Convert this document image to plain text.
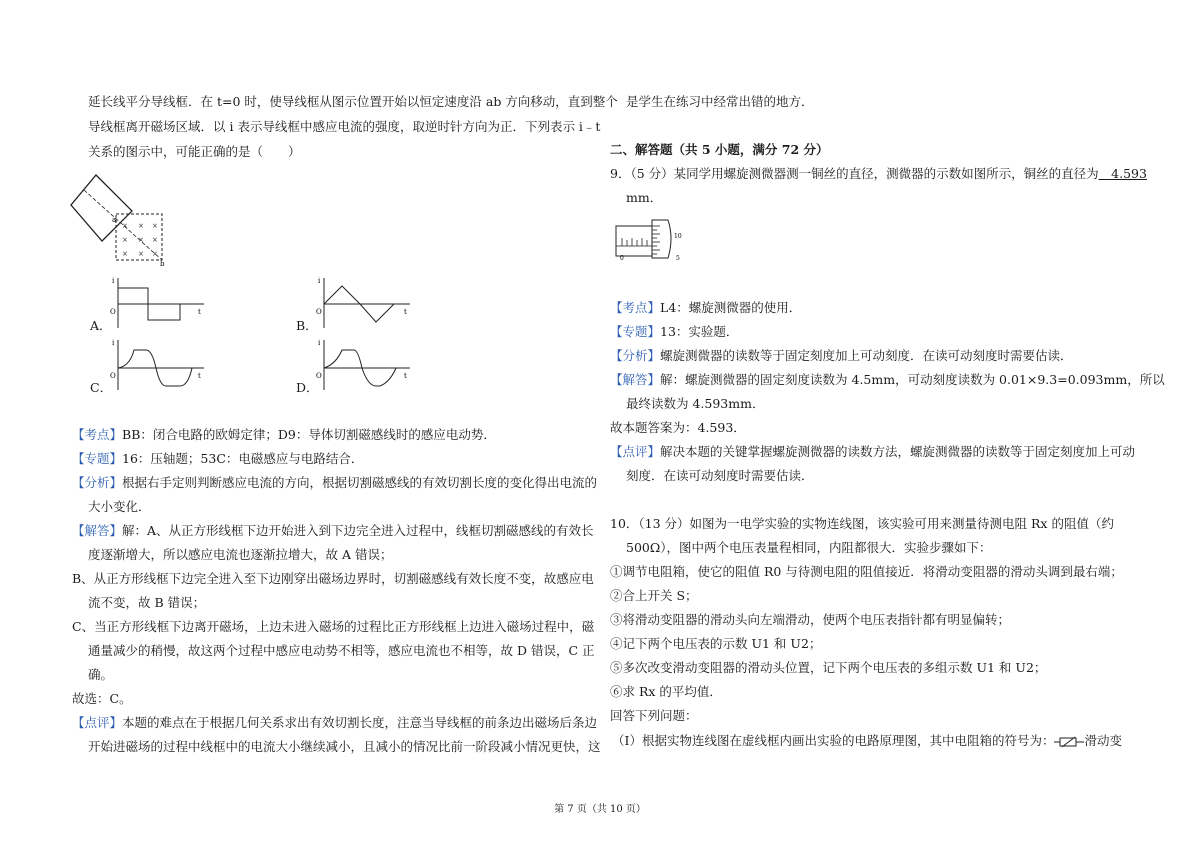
延长线平分导线框．在 t=0 时，使导线框从图示位置开始以恒定速度沿 ab 方向移动，直到整个
导线框离开磁场区域．以 i 表示导线框中感应电流的强度，取逆时针方向为正．下列表示 i﹣t
关系的图示中，可能正确的是（　　）
× × ×
× × ×
× × ×
a
b
A．
i
O	t
B．
i
O	t
C．
i
O	t
D．
i
O	t
【考点】BB：闭合电路的欧姆定律；D9：导体切割磁感线时的感应电动势．
【专题】16：压轴题；53C：电磁感应与电路结合．
【分析】根据右手定则判断感应电流的方向，根据切割磁感线的有效切割长度的变化得出电流的
大小变化．
【解答】解：A、从正方形线框下边开始进入到下边完全进入过程中，线框切割磁感线的有效长
度逐渐增大，所以感应电流也逐渐拉增大，故 A 错误；
B、从正方形线框下边完全进入至下边刚穿出磁场边界时，切割磁感线有效长度不变，故感应电
流不变，故 B 错误；
C、当正方形线框下边离开磁场，上边未进入磁场的过程比正方形线框上边进入磁场过程中，磁
通量减少的稍慢，故这两个过程中感应电动势不相等，感应电流也不相等，故 D 错误，C 正
确。
故选：C。
【点评】本题的难点在于根据几何关系求出有效切割长度，注意当导线框的前条边出磁场后条边
开始进磁场的过程中线框中的电流大小继续减小，且减小的情况比前一阶段减小情况更快，这
是学生在练习中经常出错的地方．
二、解答题（共 5 小题，满分 72 分）
9．（5 分）某同学用螺旋测微器测一铜丝的直径，测微器的示数如图所示，铜丝的直径为　4.593
mm．
10
5
0
【考点】L4：螺旋测微器的使用．
【专题】13：实验题．
【分析】螺旋测微器的读数等于固定刻度加上可动刻度．在读可动刻度时需要估读．
【解答】解：螺旋测微器的固定刻度读数为 4.5mm，可动刻度读数为 0.01×9.3=0.093mm，所以
最终读数为 4.593mm．
故本题答案为：4.593．
【点评】解决本题的关键掌握螺旋测微器的读数方法，螺旋测微器的读数等于固定刻度加上可动
刻度．在读可动刻度时需要估读．
10．（13 分）如图为一电学实验的实物连线图，该实验可用来测量待测电阻 Rx 的阻值（约
500Ω），图中两个电压表量程相同，内阻都很大．实验步骤如下：
①调节电阻箱，使它的阻值 R0 与待测电阻的阻值接近．将滑动变阻器的滑动头调到最右端；
②合上开关 S；
③将滑动变阻器的滑动头向左端滑动，使两个电压表指针都有明显偏转；
④记下两个电压表的示数 U1 和 U2；
⑤多次改变滑动变阻器的滑动头位置，记下两个电压表的多组示数 U1 和 U2；
⑥求 Rx 的平均值．
回答下列问题：
（Ⅰ）根据实物连线图在虚线框内画出实验的电路原理图，其中电阻箱的符号为： 滑动变
第 7 页（共 10 页）
